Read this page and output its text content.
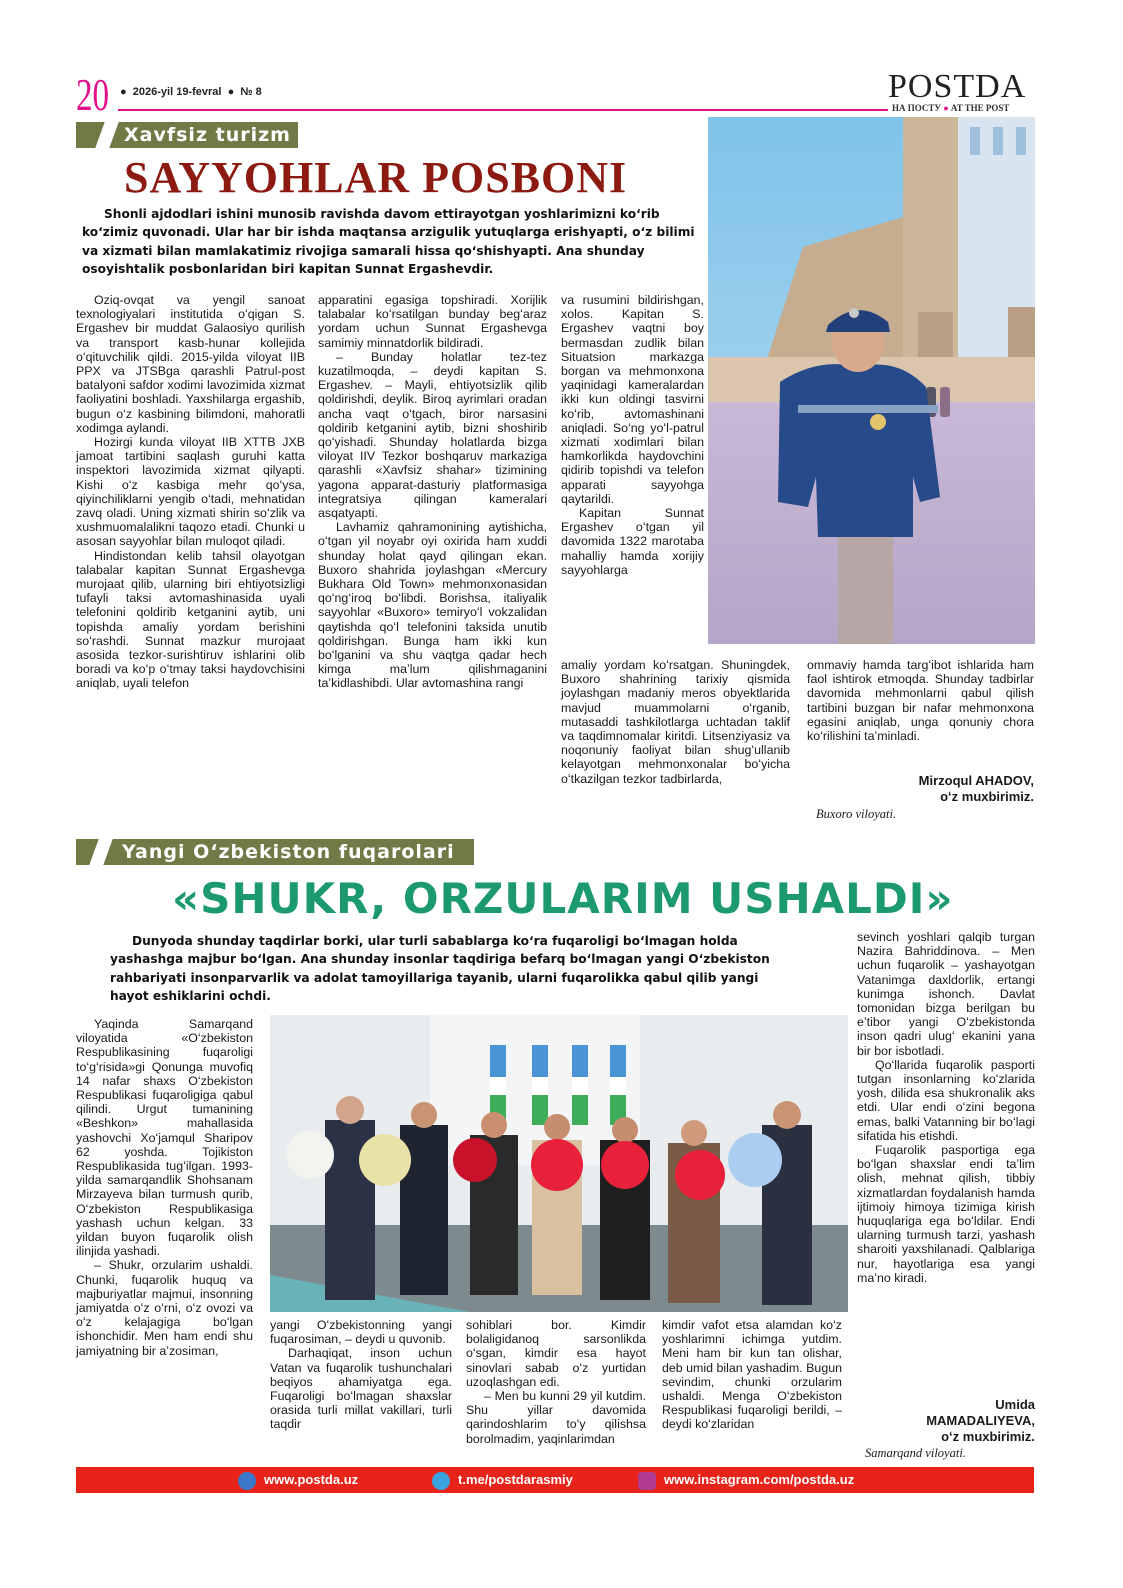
20 ● 2026-yil 19-fevral ● № 8	POSTDA
НА ПОСТУ ● AT THE POST
Xavfsiz turizm
SAYYOHLAR POSBONI

Shonli ajdodlari ishini munosib ravishda davom ettirayotgan yoshlarimizni koʻrib koʻzimiz quvonadi. Ular har bir ishda maqtansa arzigulik yutuqlarga erishyapti, oʻz bilimi va xizmati bilan mamlakatimiz rivojiga samarali hissa qoʻshishyapti. Ana shunday osoyishtalik posbonlaridan biri kapitan Sunnat Ergashevdir.

Oziq-ovqat va yengil sanoat texnologiyalari institutida oʻqigan S. Ergashev bir muddat Galaosiyo qurilish va transport kasb-hunar kollejida oʻqituvchilik qildi. 2015-yilda viloyat IIB PPX va JTSBga qarashli Patrul-post batalyoni safdor xodimi lavozimida xizmat faoliyatini boshladi. Yaxshilarga ergashib, bugun oʻz kasbining bilimdoni, mahoratli xodimga aylandi.

Hozirgi kunda viloyat IIB XTTB JXB jamoat tartibini saqlash guruhi katta inspektori lavozimida xizmat qilyapti. Kishi oʻz kasbiga mehr qoʻysa, qiyinchiliklarni yengib oʻtadi, mehnatidan zavq oladi. Uning xizmati shirin soʻzlik va xushmuomalalikni taqozo etadi. Chunki u asosan sayyohlar bilan muloqot qiladi.

Hindistondan kelib tahsil olayotgan talabalar kapitan Sunnat Ergashevga murojaat qilib, ularning biri ehtiyotsizligi tufayli taksi avtomashinasida uyali telefonini qoldirib ketganini aytib, uni topishda amaliy yordam berishini soʻrashdi. Sunnat mazkur murojaat asosida tezkor-surishtiruv ishlarini olib boradi va koʻp oʻtmay taksi haydovchisini aniqlab, uyali telefon

apparatini egasiga topshiradi. Xorijlik talabalar koʻrsatilgan bunday begʻaraz yordam uchun Sunnat Ergashevga samimiy minnatdorlik bildiradi.

– Bunday holatlar tez-tez kuzatilmoqda, – deydi kapitan S. Ergashev. – Mayli, ehtiyotsizlik qilib qoldirishdi, deylik. Biroq ayrimlari oradan ancha vaqt oʻtgach, biror narsasini qoldirib ketganini aytib, bizni shoshirib qoʻyishadi. Shunday holatlarda bizga viloyat IIV Tezkor boshqaruv markaziga qarashli «Xavfsiz shahar» tizimining yagona apparat-dasturiy platformasiga integratsiya qilingan kameralari asqatyapti.

Lavhamiz qahramonining aytishicha, oʻtgan yil noyabr oyi oxirida ham xuddi shunday holat qayd qilingan ekan. Buxoro shahrida joylashgan «Mercury Bukhara Old Town» mehmonxonasidan qoʻngʻiroq boʻlibdi. Borishsa, italiyalik sayyohlar «Buxoro» temiryoʻl vokzalidan qaytishda qoʻl telefonini taksida unutib qoldirishgan. Bunga ham ikki kun boʻlganini va shu vaqtga qadar hech kimga maʼlum qilishmaganini taʼkidlashibdi. Ular avtomashina rangi

va rusumini bildirishgan, xolos. Kapitan S. Ergashev vaqtni boy bermasdan zudlik bilan Situatsion markazga borgan va mehmonxona yaqinidagi kameralardan ikki kun oldingi tasvirni koʻrib, avtomashinani aniqladi. Soʻng yoʻl-patrul xizmati xodimlari bilan hamkorlikda haydovchini qidirib topishdi va telefon apparati sayyohga qaytarildi.

Kapitan Sunnat Ergashev oʻtgan yil davomida 1322 marotaba mahalliy hamda xorijiy sayyohlarga

amaliy yordam koʻrsatgan. Shuningdek, Buxoro shahrining tarixiy qismida joylashgan madaniy meros obyektlarida mavjud muammolarni oʻrganib, mutasaddi tashkilotlarga uchtadan taklif va taqdimnomalar kiritdi. Litsenziyasiz va noqonuniy faoliyat bilan shugʻullanib kelayotgan mehmonxonalar boʻyicha oʻtkazilgan tezkor tadbirlarda,

ommaviy hamda targʻibot ishlarida ham faol ishtirok etmoqda. Shunday tadbirlar davomida mehmonlarni qabul qilish tartibini buzgan bir nafar mehmonxona egasini aniqlab, unga qonuniy chora koʻrilishini taʼminladi.

Mirzoqul AHADOV,
oʻz muxbirimiz.
Buxoro viloyati.
Yangi Oʻzbekiston fuqarolari
«SHUKR, ORZULARIM USHALDI»

Dunyoda shunday taqdirlar borki, ular turli sabablarga koʻra fuqaroligi boʻlmagan holda yashashga majbur boʻlgan. Ana shunday insonlar taqdiriga befarq boʻlmagan yangi Oʻzbekiston rahbariyati insonparvarlik va adolat tamoyillariga tayanib, ularni fuqarolikka qabul qilib yangi hayot eshiklarini ochdi.

Yaqinda Samarqand viloyatida «Oʻzbekiston Respublikasining fuqaroligi toʻgʻrisida»gi Qonunga muvofiq 14 nafar shaxs Oʻzbekiston Respublikasi fuqaroligiga qabul qilindi. Urgut tumanining «Beshkon» mahallasida yashovchi Xoʻjamqul Sharipov 62 yoshda. Tojikiston Respublikasida tugʻilgan. 1993-yilda samarqandlik Shohsanam Mirzayeva bilan turmush qurib, Oʻzbekiston Respublikasiga yashash uchun kelgan. 33 yildan buyon fuqarolik olish ilinjida yashadi.

– Shukr, orzularim ushaldi. Chunki, fuqarolik huquq va majburiyatlar majmui, insonning jamiyatda oʻz oʻrni, oʻz ovozi va oʻz kelajagiga boʻlgan ishonchidir. Men ham endi shu jamiyatning bir aʼzosiman,

yangi Oʻzbekistonning yangi fuqarosiman, – deydi u quvonib.

Darhaqiqat, inson uchun Vatan va fuqarolik tushunchalari beqiyos ahamiyatga ega. Fuqaroligi boʻlmagan shaxslar orasida turli millat vakillari, turli taqdir

sohiblari bor. Kimdir bolaligidanoq sarsonlikda oʻsgan, kimdir esa hayot sinovlari sabab oʻz yurtidan uzoqlashgan edi.

– Men bu kunni 29 yil kutdim. Shu yillar davomida qarindoshlarim toʻy qilishsa borolmadim, yaqinlarimdan

kimdir vafot etsa alamdan koʻz yoshlarimni ichimga yutdim. Meni ham bir kun tan olishar, deb umid bilan yashadim. Bugun sevindim, chunki orzularim ushaldi. Menga Oʻzbekiston Respublikasi fuqaroligi berildi, – deydi koʻzlaridan

sevinch yoshlari qalqib turgan Nazira Bahriddinova. – Men uchun fuqarolik – yashayotgan Vatanimga daxldorlik, ertangi kunimga ishonch. Davlat tomonidan bizga berilgan bu eʼtibor yangi Oʻzbekistonda inson qadri ulugʻ ekanini yana bir bor isbotladi.

Qoʻllarida fuqarolik pasporti tutgan insonlarning koʻzlarida yosh, dilida esa shukronalik aks etdi. Ular endi oʻzini begona emas, balki Vatanning bir boʻlagi sifatida his etishdi.

Fuqarolik pasportiga ega boʻlgan shaxslar endi taʼlim olish, mehnat qilish, tibbiy xizmatlardan foydalanish hamda ijtimoiy himoya tizimiga kirish huquqlariga ega boʻldilar. Endi ularning turmush tarzi, yashash sharoiti yaxshilanadi. Qalblariga nur, hayotlariga esa yangi maʼno kiradi.

Umida
MAMADALIYEVA,
oʻz muxbirimiz.
Samarqand viloyati.
www.postda.uz	t.me/postdarasmiy	www.instagram.com/postda.uz
